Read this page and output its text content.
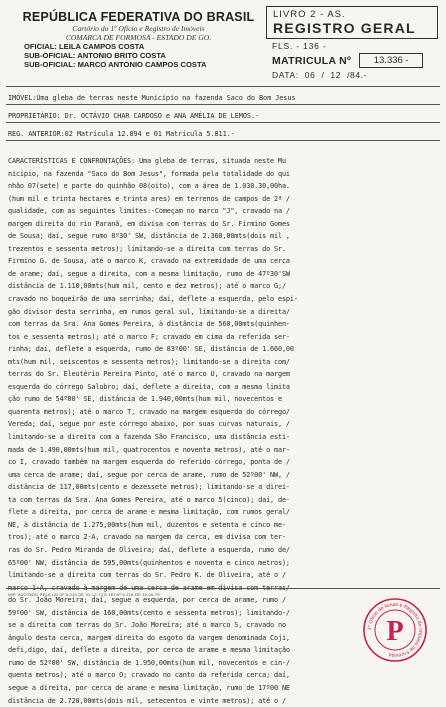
REPÚBLICA FEDERATIVA DO BRASIL
Cartório do 1º Ofício e Registro de Imóveis
COMARCA DE FORMOSA - ESTADO DE GO.
OFICIAL: LEILA CAMPOS COSTA
SUB-OFICIAL: ANTONIO BRITO COSTA
SUB-OFICIAL: MARCO ANTONIO CAMPOS COSTA
LIVRO 2 - AS.
REGISTRO GERAL
FLS. - 136 -
MATRICULA Nº	13.336 -
DATA: 06 / 12 /84.-
IMÓVEL:Uma gleba de terras neste Município na fazenda Saco do Bom Jesus
PROPRIETÁRIO: Dr. OCTÁVIO CHAR CARDOSO e ANA AMÉLIA DE LEMOS.-
REG. ANTERIOR:02 Matrícula 12.894 e 01 Matrícula 5.811.-
CARACTERÍSTICAS E CONFRONTAÇÕES: Uma gleba de terras, situada neste Mu
nicípio, na fazenda "Saco do Bom Jesus", formada pela totalidade do qui
nhão 07(sete) e parte do quinhão 08(oito), com a área de 1.030.30,00ha.
(hum mil e trinta hectares e trinta ares) em terrenos de campos de 2ª /
qualidade, com as seguintes limites:-Começam no marco "J", cravado na /
margem direita do rio Paranã, em divisa com terras do Sr. Firmino Gomes
de Sousa; daí, segue rumo 8º30' SW, distância de 2.360,00mts(dois mil ,
trezentos e sessenta metros); limitando-se a direita com terras do Sr.
Firmino G. de Sousa, até o marco K, cravado na extremidade de uma cerca
de arame; daí, segue a direita, com a mesma limitação, rumo de 47º30'SW
distância de 1.110,00mts(hum mil, cento e dez metros); até o marco G;/
cravado no boqueirão de uma serrinha; daí, deflete a esquerda, pelo espi-
gão divisor desta serrinha, em rumos geral sul, limitando-se a direita/
com terras da Sra. Ana Gomes Pereira, à distância de 560,00mts(quinhen-
tos e sessenta metros); até o marco F; cravado em cima da referida ser-
rinha; daí, deflete a esquerda, rumo de 83º00' SE, distância de 1.660,00
mts(hum mil, seiscentos e sessenta metros); limitando-se a direita com/
terras do Sr. Eleutério Pereira Pinto, até o marco U, cravado na margem
esquerda do córrego Salobro; daí, deflete a direita, com a mesma limita
ção rumo de 54º00' SE, distância de 1.940,00mts(hum mil, novecentos e
quarenta metros); até o marco T, cravado na margem esquerda do córrego/
Vereda; daí, segue por este córrego abaixo, por suas curvas naturais, /
limitando-se a direita com a fazenda São Francisco, uma distância esti-
mada de 1.490,00mts(hum mil, quatrocentos e noventa metros), até o mar-
co I, cravado também na margem esquerda do referido córrego, ponta de /
uma cerca de arame; daí, segue por cerca de arame, rumo de 52º00' NW, /
distância de 117,00mts(cento e dezessete metros); limitando-se a direi-
ta com terras da Sra. Ana Gomes Pereira, até o marco 5(cinco); daí, de-
flete a direita, por cerca de arame e mesma limitação, com rumos geral/
NE, à distância de 1.275,00mts(hum mil, duzentos e setenta e cinco me-
tros); até o marco 2-A, cravado na margem da cerca, em divisa com ter-
ras do Sr. Pedro Miranda de Oliveira; daí, deflete a esquerda, rumo de/
65º00' NW, distância de 595,00mts(quinhentos e noventa e cinco metros);
limitando-se a direita com terras do Sr. Pedro K. de Oliveira, até o /
marco 1-A, cravado à margem de uma cerca de arame em divisa com terras/
do Sr. João Moreira; daí, segue a esquerda, por cerca de arame, rumo /
59º00' SW, distância de 160,00mts(cento e sessenta metros); limitando-/
se a direita com terras do Sr. João Moreira; até o marco S, cravado no
ângulo desta cerca, margem direita do esgoto da vargem denominada Coji,
defi,digo, daí, deflete a direita, por cerca de arame e mesma limitação
rumo de 52º00' SW, distância de 1.950,00mts(hum mil, novecentos e cin-/
quenta metros); até o marco O; cravado no canto da referida cerca; daí,
segue a direita, por cerca de arame e mesma limitação, rumo de 17º00 NE
distância de 2.720,00mts(dois mil, setecentos e vinte metros); até o /
IMP. ADOTADO PELA LEI Nº 6.015 DE 31-12-73 E LEI Nº 6.216 DE 30-06-75
1º Ofício de Notas e Registro de Imóveis de Formosa
P
